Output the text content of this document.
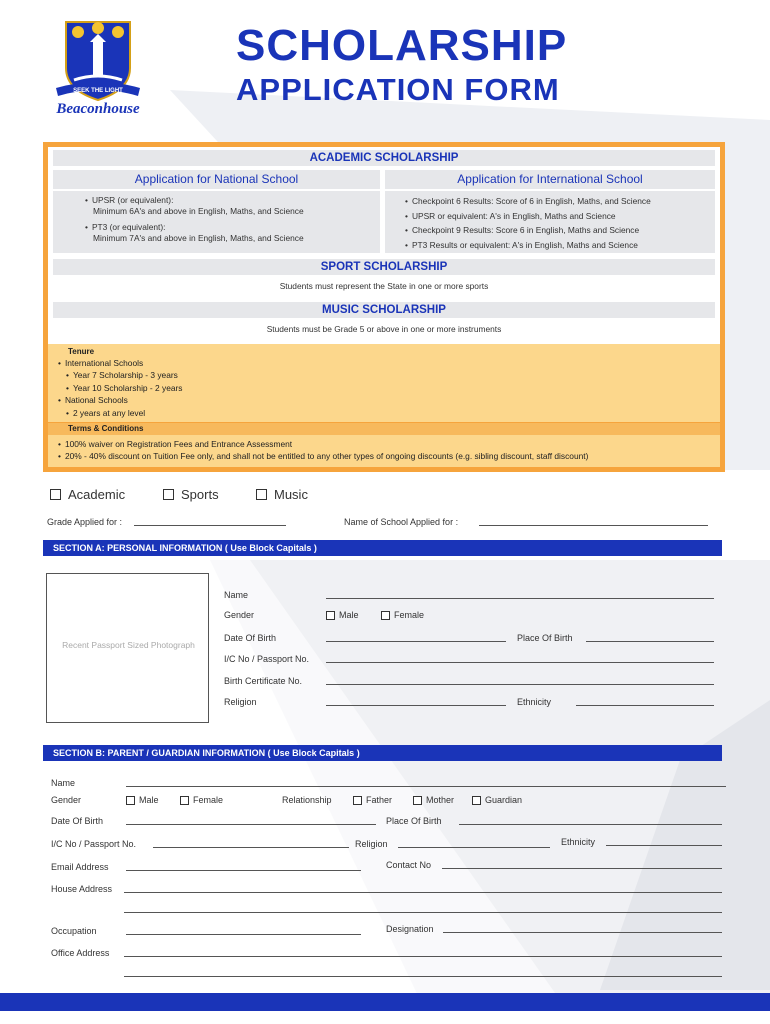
SEEK THE LIGHT
Beaconhouse
SCHOLARSHIP
APPLICATION FORM
ACADEMIC SCHOLARSHIP
Application for National School	Application for International School
• UPSR (or equivalent):
Minimum 6A's and above in English, Maths, and Science
• PT3 (or equivalent):
Minimum 7A's and above in English, Maths, and Science
• Checkpoint 6 Results: Score of 6 in English, Maths, and Science
• UPSR or equivalent: A's in English, Maths and Science
• Checkpoint 9 Results: Score 6 in English, Maths and Science
• PT3 Results or equivalent: A's in English, Maths and Science
SPORT SCHOLARSHIP
Students must represent the State in one or more sports
MUSIC SCHOLARSHIP
Students must be Grade 5 or above in one or more instruments
Tenure
• International Schools
• Year 7 Scholarship - 3 years
• Year 10 Scholarship - 2 years
• National Schools
• 2 years at any level
Terms & Conditions
• 100% waiver on Registration Fees and Entrance Assessment
• 20% - 40% discount on Tuition Fee only, and shall not be entitled to any other types of ongoing discounts (e.g. sibling discount, staff discount)
Academic	Sports	Music
Grade Applied for :	Name of School Applied for :
SECTION A: PERSONAL INFORMATION ( Use Block Capitals )
Recent Passport Sized Photograph
Name
Gender	Male	Female
Date Of Birth	Place Of Birth
I/C No / Passport No.
Birth Certificate No.
Religion	Ethnicity
SECTION B: PARENT / GUARDIAN INFORMATION ( Use Block Capitals )
Name
Gender	Male	Female	Relationship	Father	Mother	Guardian
Date Of Birth	Place Of Birth
I/C No / Passport No.	Religion	Ethnicity
Email Address	Contact No
House Address
Occupation	Designation
Office Address
